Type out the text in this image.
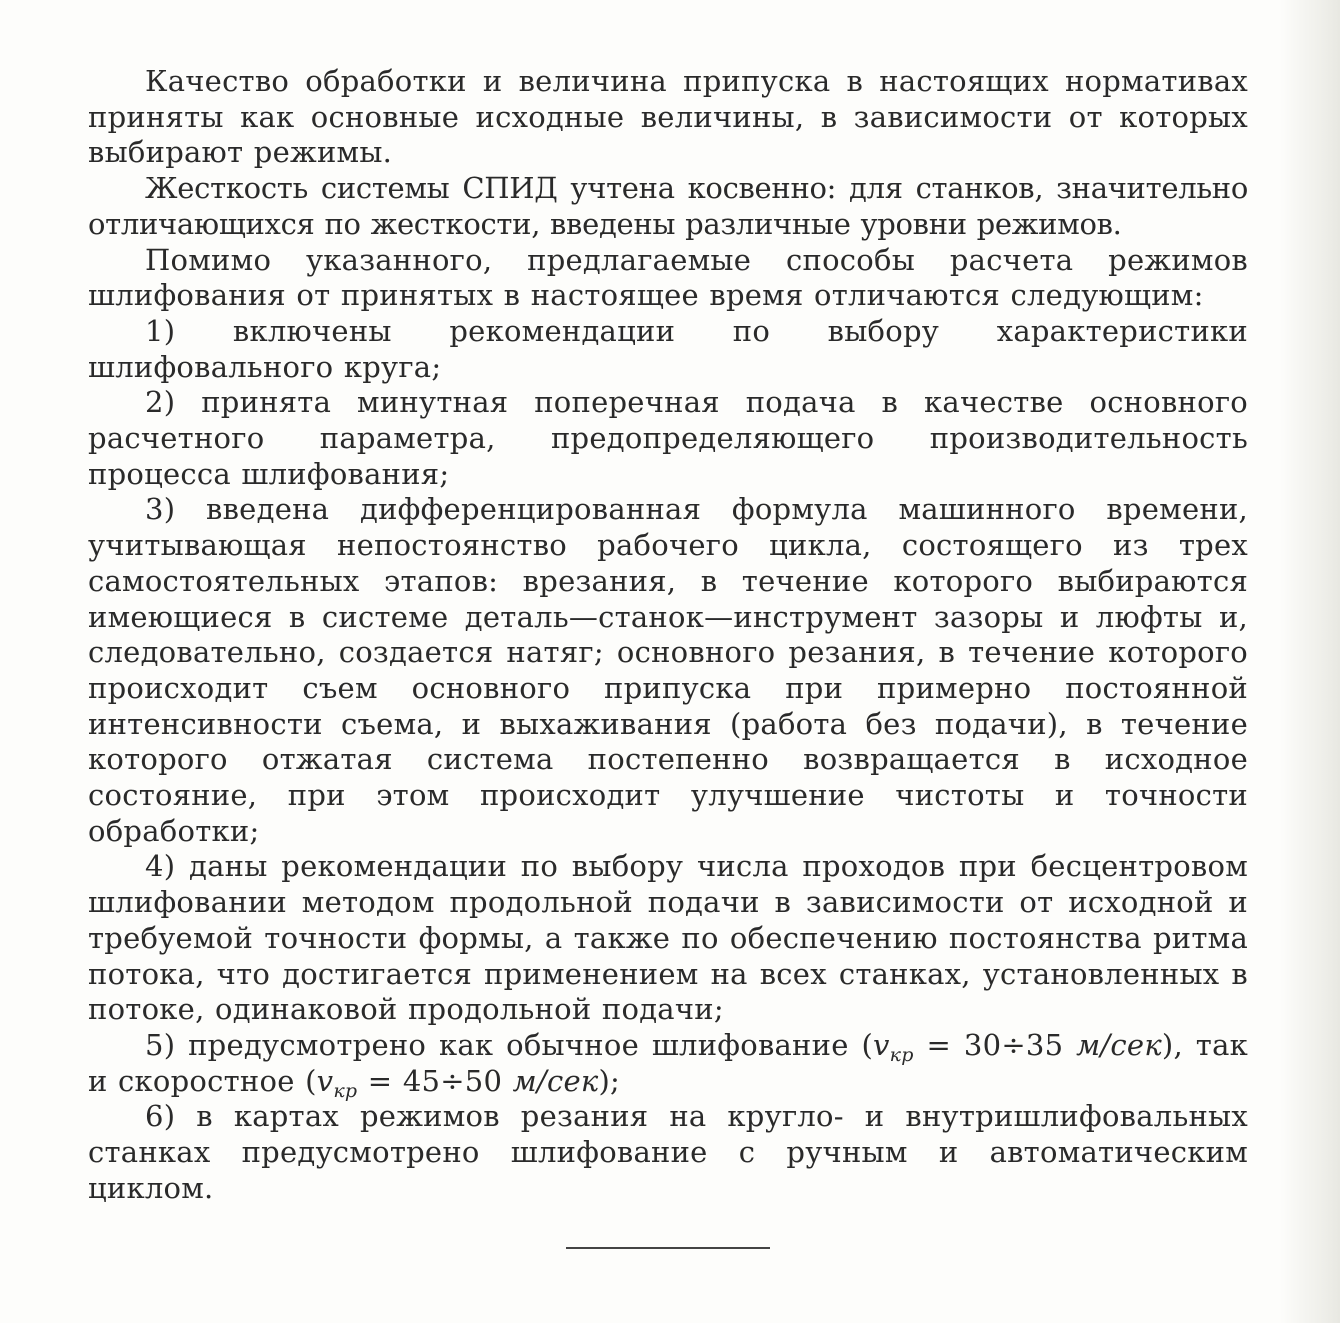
Качество обработки и величина припуска в настоящих нормативах приняты как основные исходные величины, в зависимости от которых выбирают режимы.

Жесткость системы СПИД учтена косвенно: для станков, значительно отличающихся по жесткости, введены различные уровни режимов.

Помимо указанного, предлагаемые способы расчета режимов шлифования от принятых в настоящее время отличаются следующим:

1) включены рекомендации по выбору характеристики шлифовального круга;

2) принята минутная поперечная подача в качестве основного расчетного параметра, предопределяющего производительность процесса шлифования;

3) введена дифференцированная формула машинного времени, учитывающая непостоянство рабочего цикла, состоящего из трех самостоятельных этапов: врезания, в течение которого выбираются имеющиеся в системе деталь—станок—инструмент зазоры и люфты и, следовательно, создается натяг; основного резания, в течение которого происходит съем основного припуска при примерно постоянной интенсивности съема, и выхаживания (работа без подачи), в течение которого отжатая система постепенно возвращается в исходное состояние, при этом происходит улучшение чистоты и точности обработки;

4) даны рекомендации по выбору числа проходов при бесцентровом шлифовании методом продольной подачи в зависимости от исходной и требуемой точности формы, а также по обеспечению постоянства ритма потока, что достигается применением на всех станках, установленных в потоке, одинаковой продольной подачи;

5) предусмотрено как обычное шлифование ($v_{кр} = 30\div 35$ м/сек), так и скоростное ($v_{кр} = 45\div 50$ м/сек);

6) в картах режимов резания на кругло- и внутришлифовальных станках предусмотрено шлифование с ручным и автоматическим циклом.
